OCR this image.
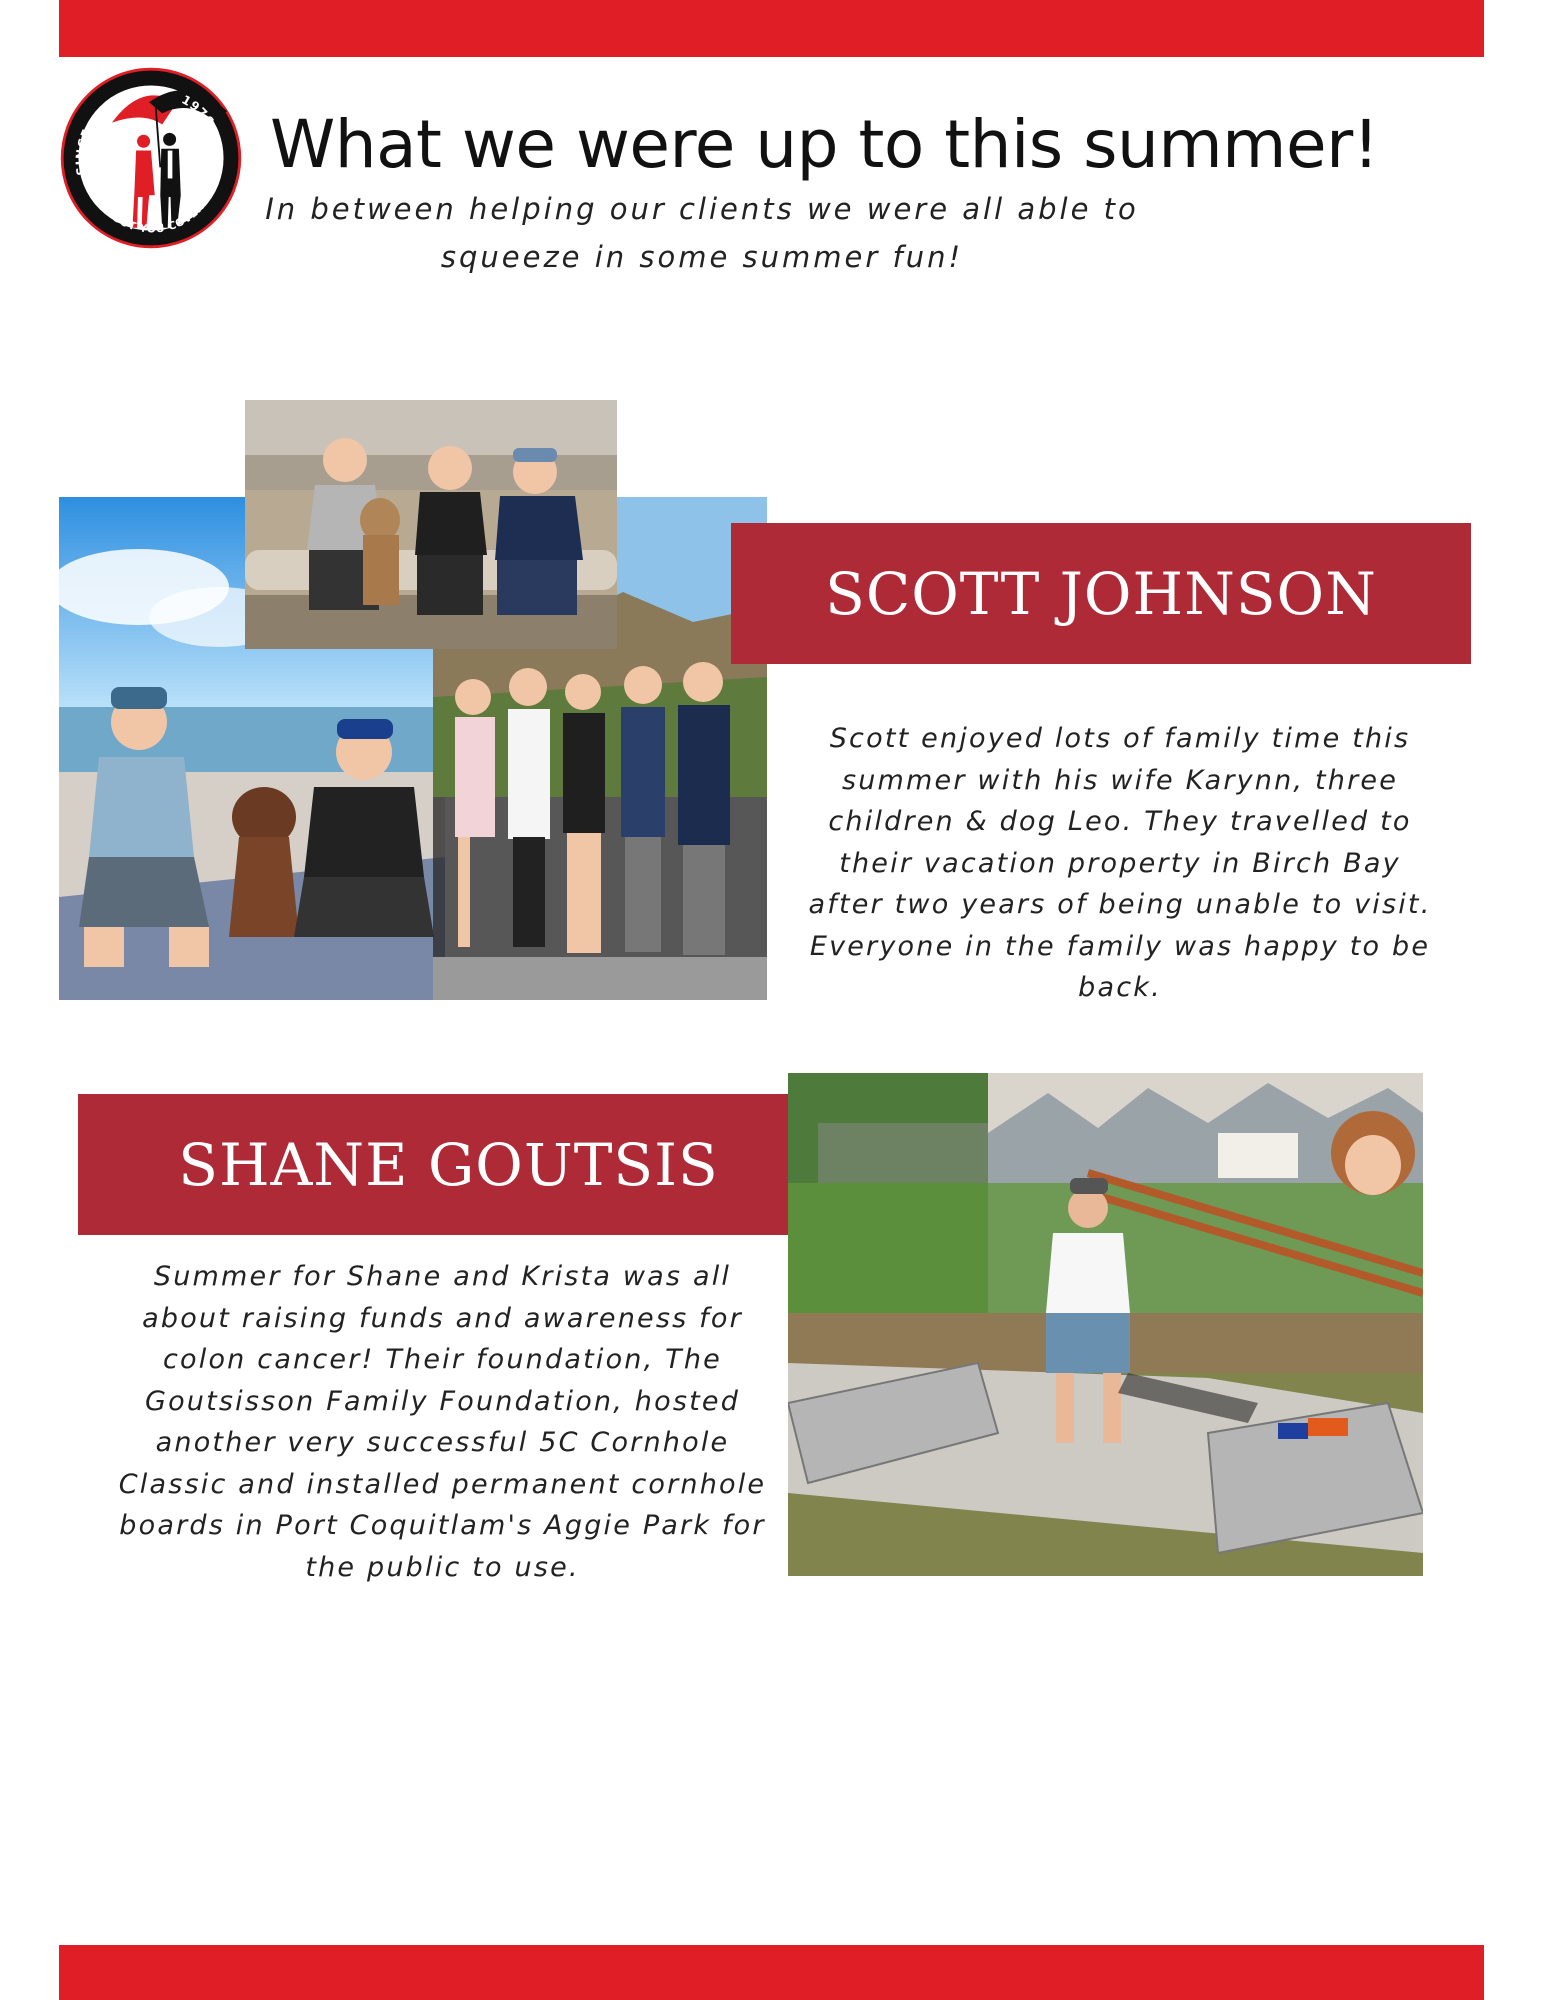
SINCE
1976
WE'VE GOT YOU COVERED
What we were up to this summer!

In between helping our clients we were all able to squeeze in some summer fun!

SCOTT JOHNSON

Scott enjoyed lots of family time this summer with his wife Karynn, three children & dog Leo. They travelled to their vacation property in Birch Bay after two years of being unable to visit. Everyone in the family was happy to be back.

SHANE GOUTSIS

Summer for Shane and Krista was all about raising funds and awareness for colon cancer! Their foundation, The Goutsisson Family Foundation, hosted another very successful 5C Cornhole Classic and installed permanent cornhole boards in Port Coquitlam's Aggie Park for the public to use.
